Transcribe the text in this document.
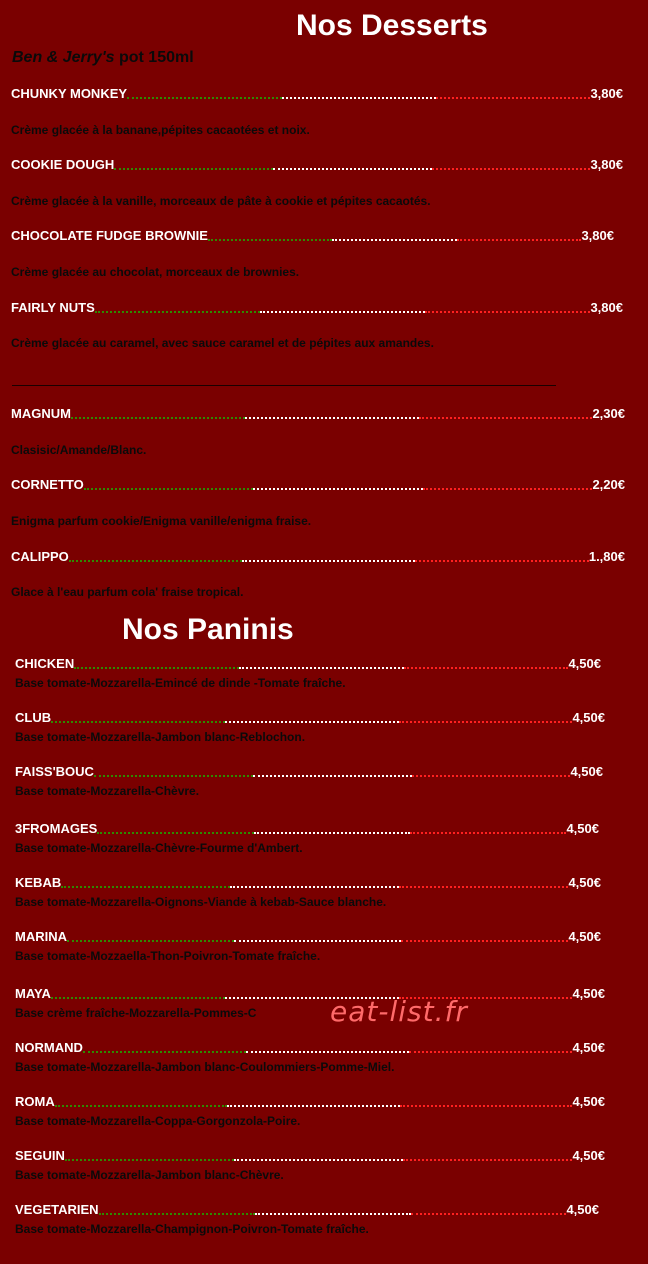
Nos Desserts
Ben & Jerry's pot 150ml
CHUNKY MONKEY	3,80€
Crème glacée à la banane,pépites cacaotées et noix.
COOKIE DOUGH	3,80€
Crème glacée à la vanille, morceaux de pâte à cookie et pépites cacaotés.
CHOCOLATE FUDGE BROWNIE	3,80€
Crème glacée au chocolat, morceaux de brownies.
FAIRLY NUTS	3,80€
Crème glacée au caramel, avec sauce caramel et de pépites aux amandes.
MAGNUM	2,30€
Clasisic/Amande/Blanc.
CORNETTO	2,20€
Enigma parfum cookie/Enigma vanille/enigma fraise.
CALIPPO	1.,80€
Glace à l'eau parfum cola' fraise tropical.
Nos Paninis
CHICKEN	4,50€
Base tomate-Mozzarella-Emincé de dinde -Tomate fraîche.
CLUB	4,50€
Base tomate-Mozzarella-Jambon blanc-Reblochon.
FAISS'BOUC	4,50€
Base tomate-Mozzarella-Chèvre.
3FROMAGES	4,50€
Base tomate-Mozzarella-Chèvre-Fourme d'Ambert.
KEBAB	4,50€
Base tomate-Mozzarella-Oignons-Viande à kebab-Sauce blanche.
MARINA	4,50€
Base tomate-Mozzaella-Thon-Poivron-Tomate fraîche.
MAYA	4,50€
Base crème fraîche-Mozzarella-Pommes-C
NORMAND	4,50€
Base tomate-Mozzarella-Jambon blanc-Coulommiers-Pomme-Miel.
ROMA	4,50€
Base tomate-Mozzarella-Coppa-Gorgonzola-Poire.
SEGUIN	4,50€
Base tomate-Mozzarella-Jambon blanc-Chèvre.
VEGETARIEN	4,50€
Base tomate-Mozzarella-Champignon-Poivron-Tomate fraîche.
eat-list.fr
